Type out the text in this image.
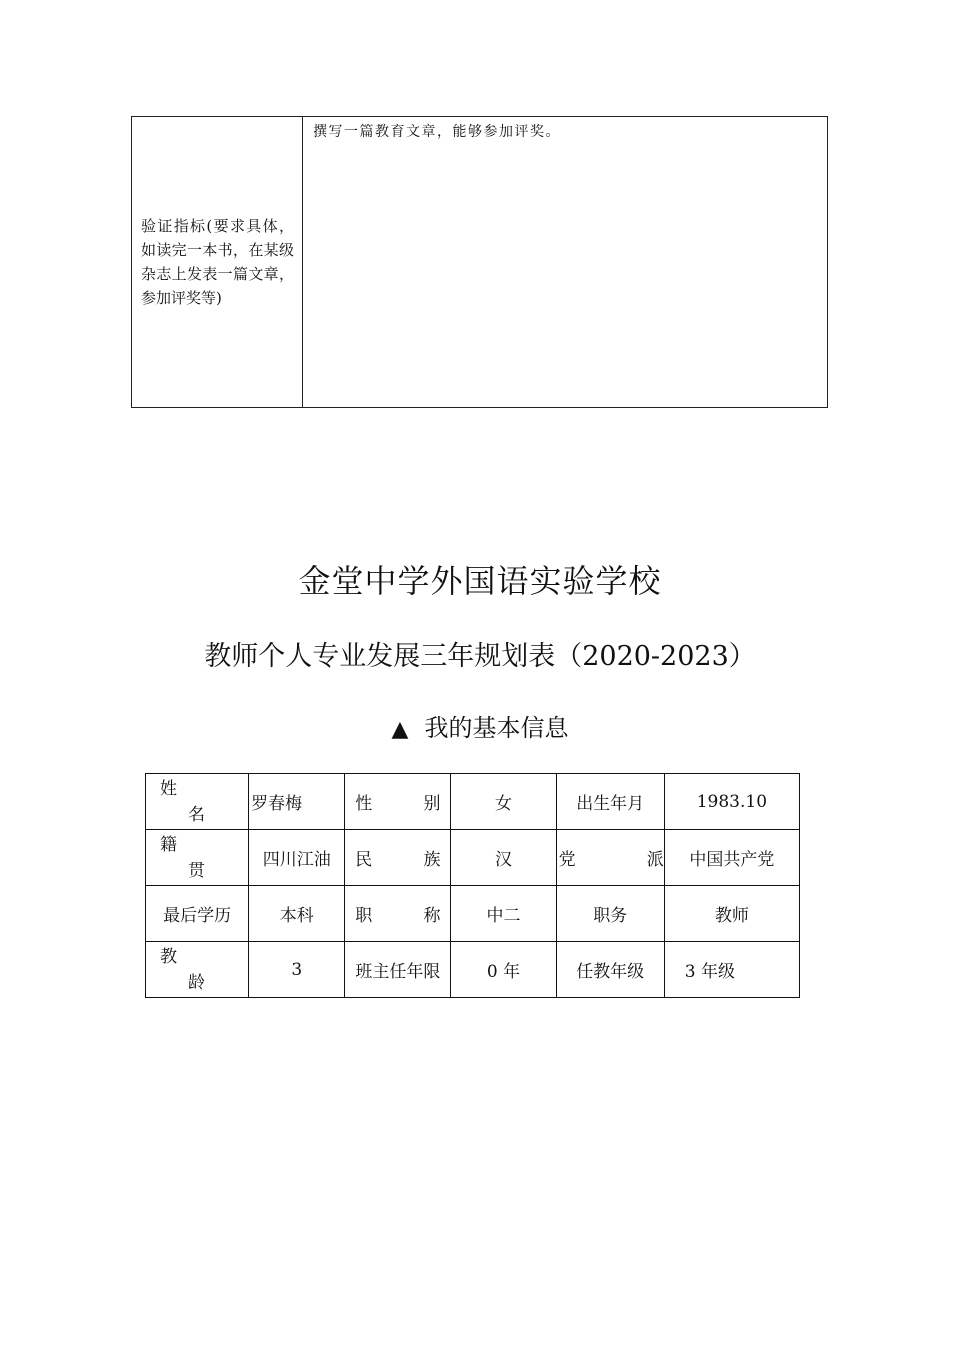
验证指标(要求具体，如读完一本书，在某级杂志上发表一篇文章，参加评奖等)	撰写一篇教育文章，能够参加评奖。
金堂中学外国语实验学校
教师个人专业发展三年规划表（2020-2023）
▲ 我的基本信息
姓
名	罗春梅	性 别	女	出生年月	1983.10
籍
贯	四川江油	民 族	汉	党 派	中国共产党
最后学历	本科	职 称	中二	职务	教师
教
龄	3	班主任年限	0 年	任教年级	3 年级
